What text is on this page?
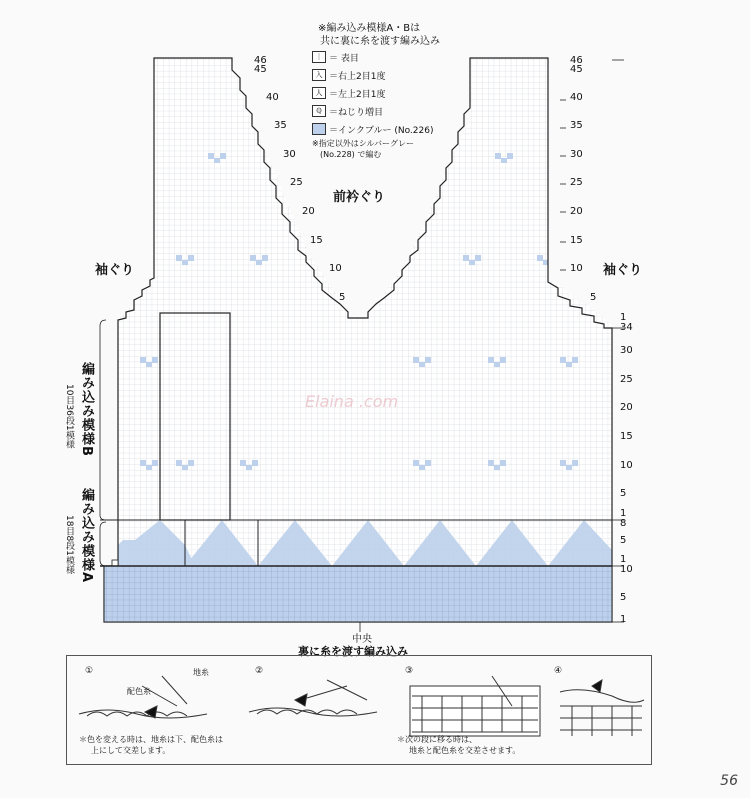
※編み込み模様A・Bは
共に裏に糸を渡す編み込み
｜ ＝ 表目
入 ＝右上2目1度
人 ＝左上2目1度
ℚ ＝ねじり増目
＝インクブルー (No.226)
※指定以外はシルバーグレー
(No.228) で編む
前衿ぐり
袖ぐり	袖ぐり
編み込み模様B
10目36段1模様
編み込み模様A
18目8段1模様
中央
Elaina .com
46
45
40
35
30
25
20
15
10
5
46
45
40
35
30
25
20
15
10
5
1
34
30
25
20
15
10
5
1
8
5
1
10
5
1
裏に糸を渡す編み込み
①	②	③	④
地糸
配色糸
＊色を変える時は、地糸は下、配色糸は
上にして交差します。
＊次の段に移る時は、
地糸と配色糸を交差させます。
56
